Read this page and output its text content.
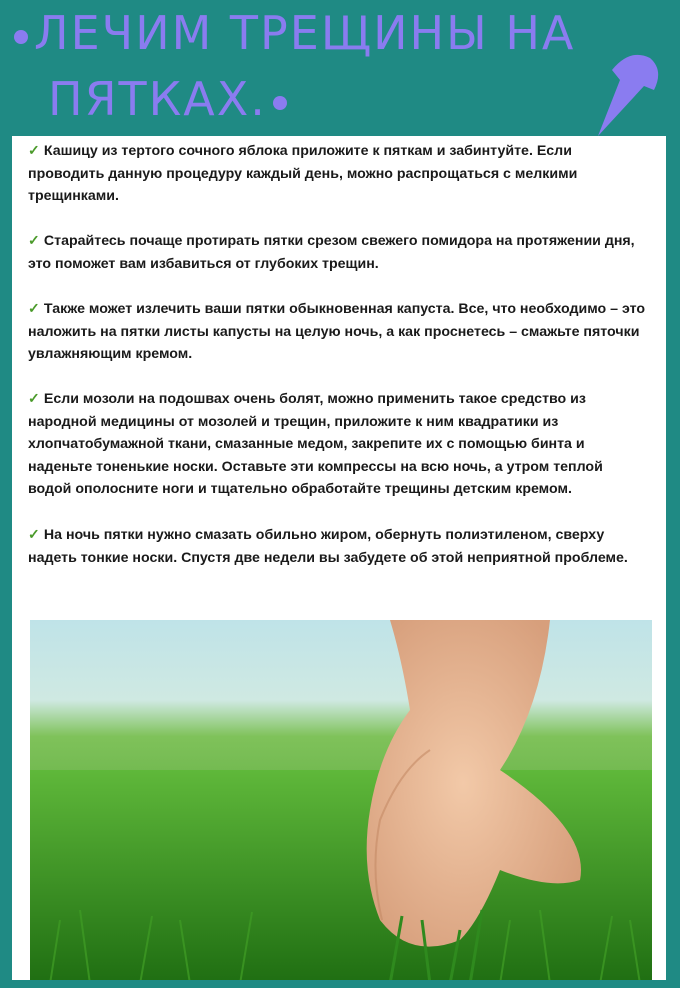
ЛЕЧИМ ТРЕЩИНЫ НА
ПЯТКАХ.

✓ Кашицу из тертого сочного яблока приложите к пяткам и забинтуйте. Если проводить данную процедуру каждый день, можно распрощаться с мелкими трещинками.

✓ Старайтесь почаще протирать пятки срезом свежего помидора на протяжении дня, это поможет вам избавиться от глубоких трещин.

✓ Также может излечить ваши пятки обыкновенная капуста. Все, что необходимо – это наложить на пятки листы капусты на целую ночь, а как проснетесь – смажьте пяточки увлажняющим кремом.

✓ Если мозоли на подошвах очень болят, можно применить такое средство из народной медицины от мозолей и трещин, приложите к ним квадратики из хлопчатобумажной ткани, смазанные медом, закрепите их с помощью бинта и наденьте тоненькие носки. Оставьте эти компрессы на всю ночь, а утром теплой водой ополосните ноги и тщательно обработайте трещины детским кремом.

✓ На ночь пятки нужно смазать обильно жиром, обернуть полиэтиленом, сверху надеть тонкие носки. Спустя две недели вы забудете об этой неприятной проблеме.
